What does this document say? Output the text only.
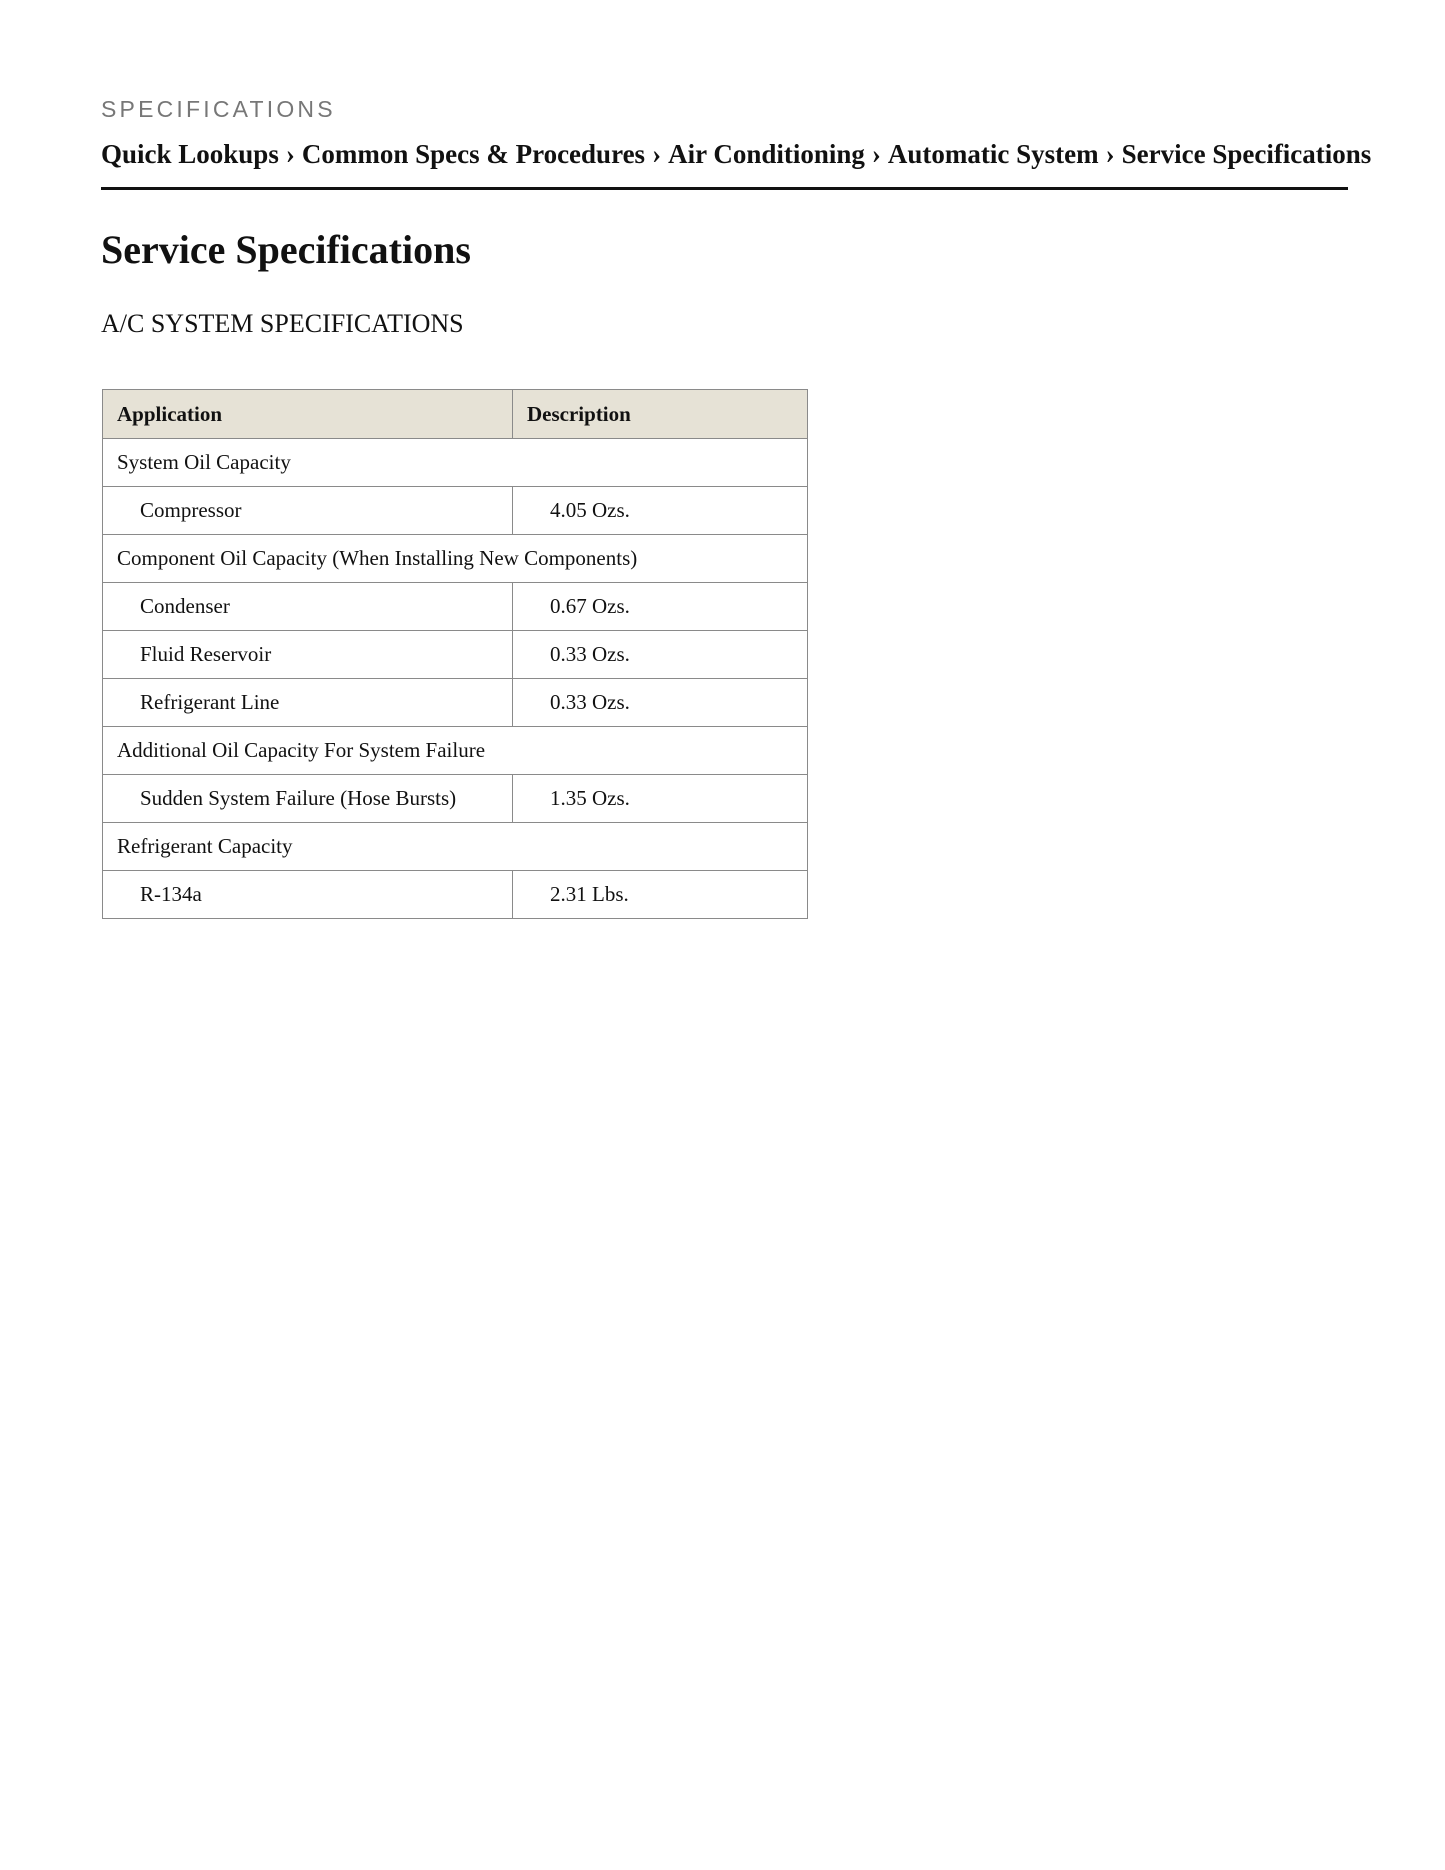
SPECIFICATIONS
Quick Lookups › Common Specs & Procedures › Air Conditioning › Automatic System › Service Specifications
Service Specifications
A/C SYSTEM SPECIFICATIONS
Application	Description
System Oil Capacity	
Compressor	4.05 Ozs.
Component Oil Capacity (When Installing New Components)	
Condenser	0.67 Ozs.
Fluid Reservoir	0.33 Ozs.
Refrigerant Line	0.33 Ozs.
Additional Oil Capacity For System Failure	
Sudden System Failure (Hose Bursts)	1.35 Ozs.
Refrigerant Capacity	
R-134a	2.31 Lbs.
